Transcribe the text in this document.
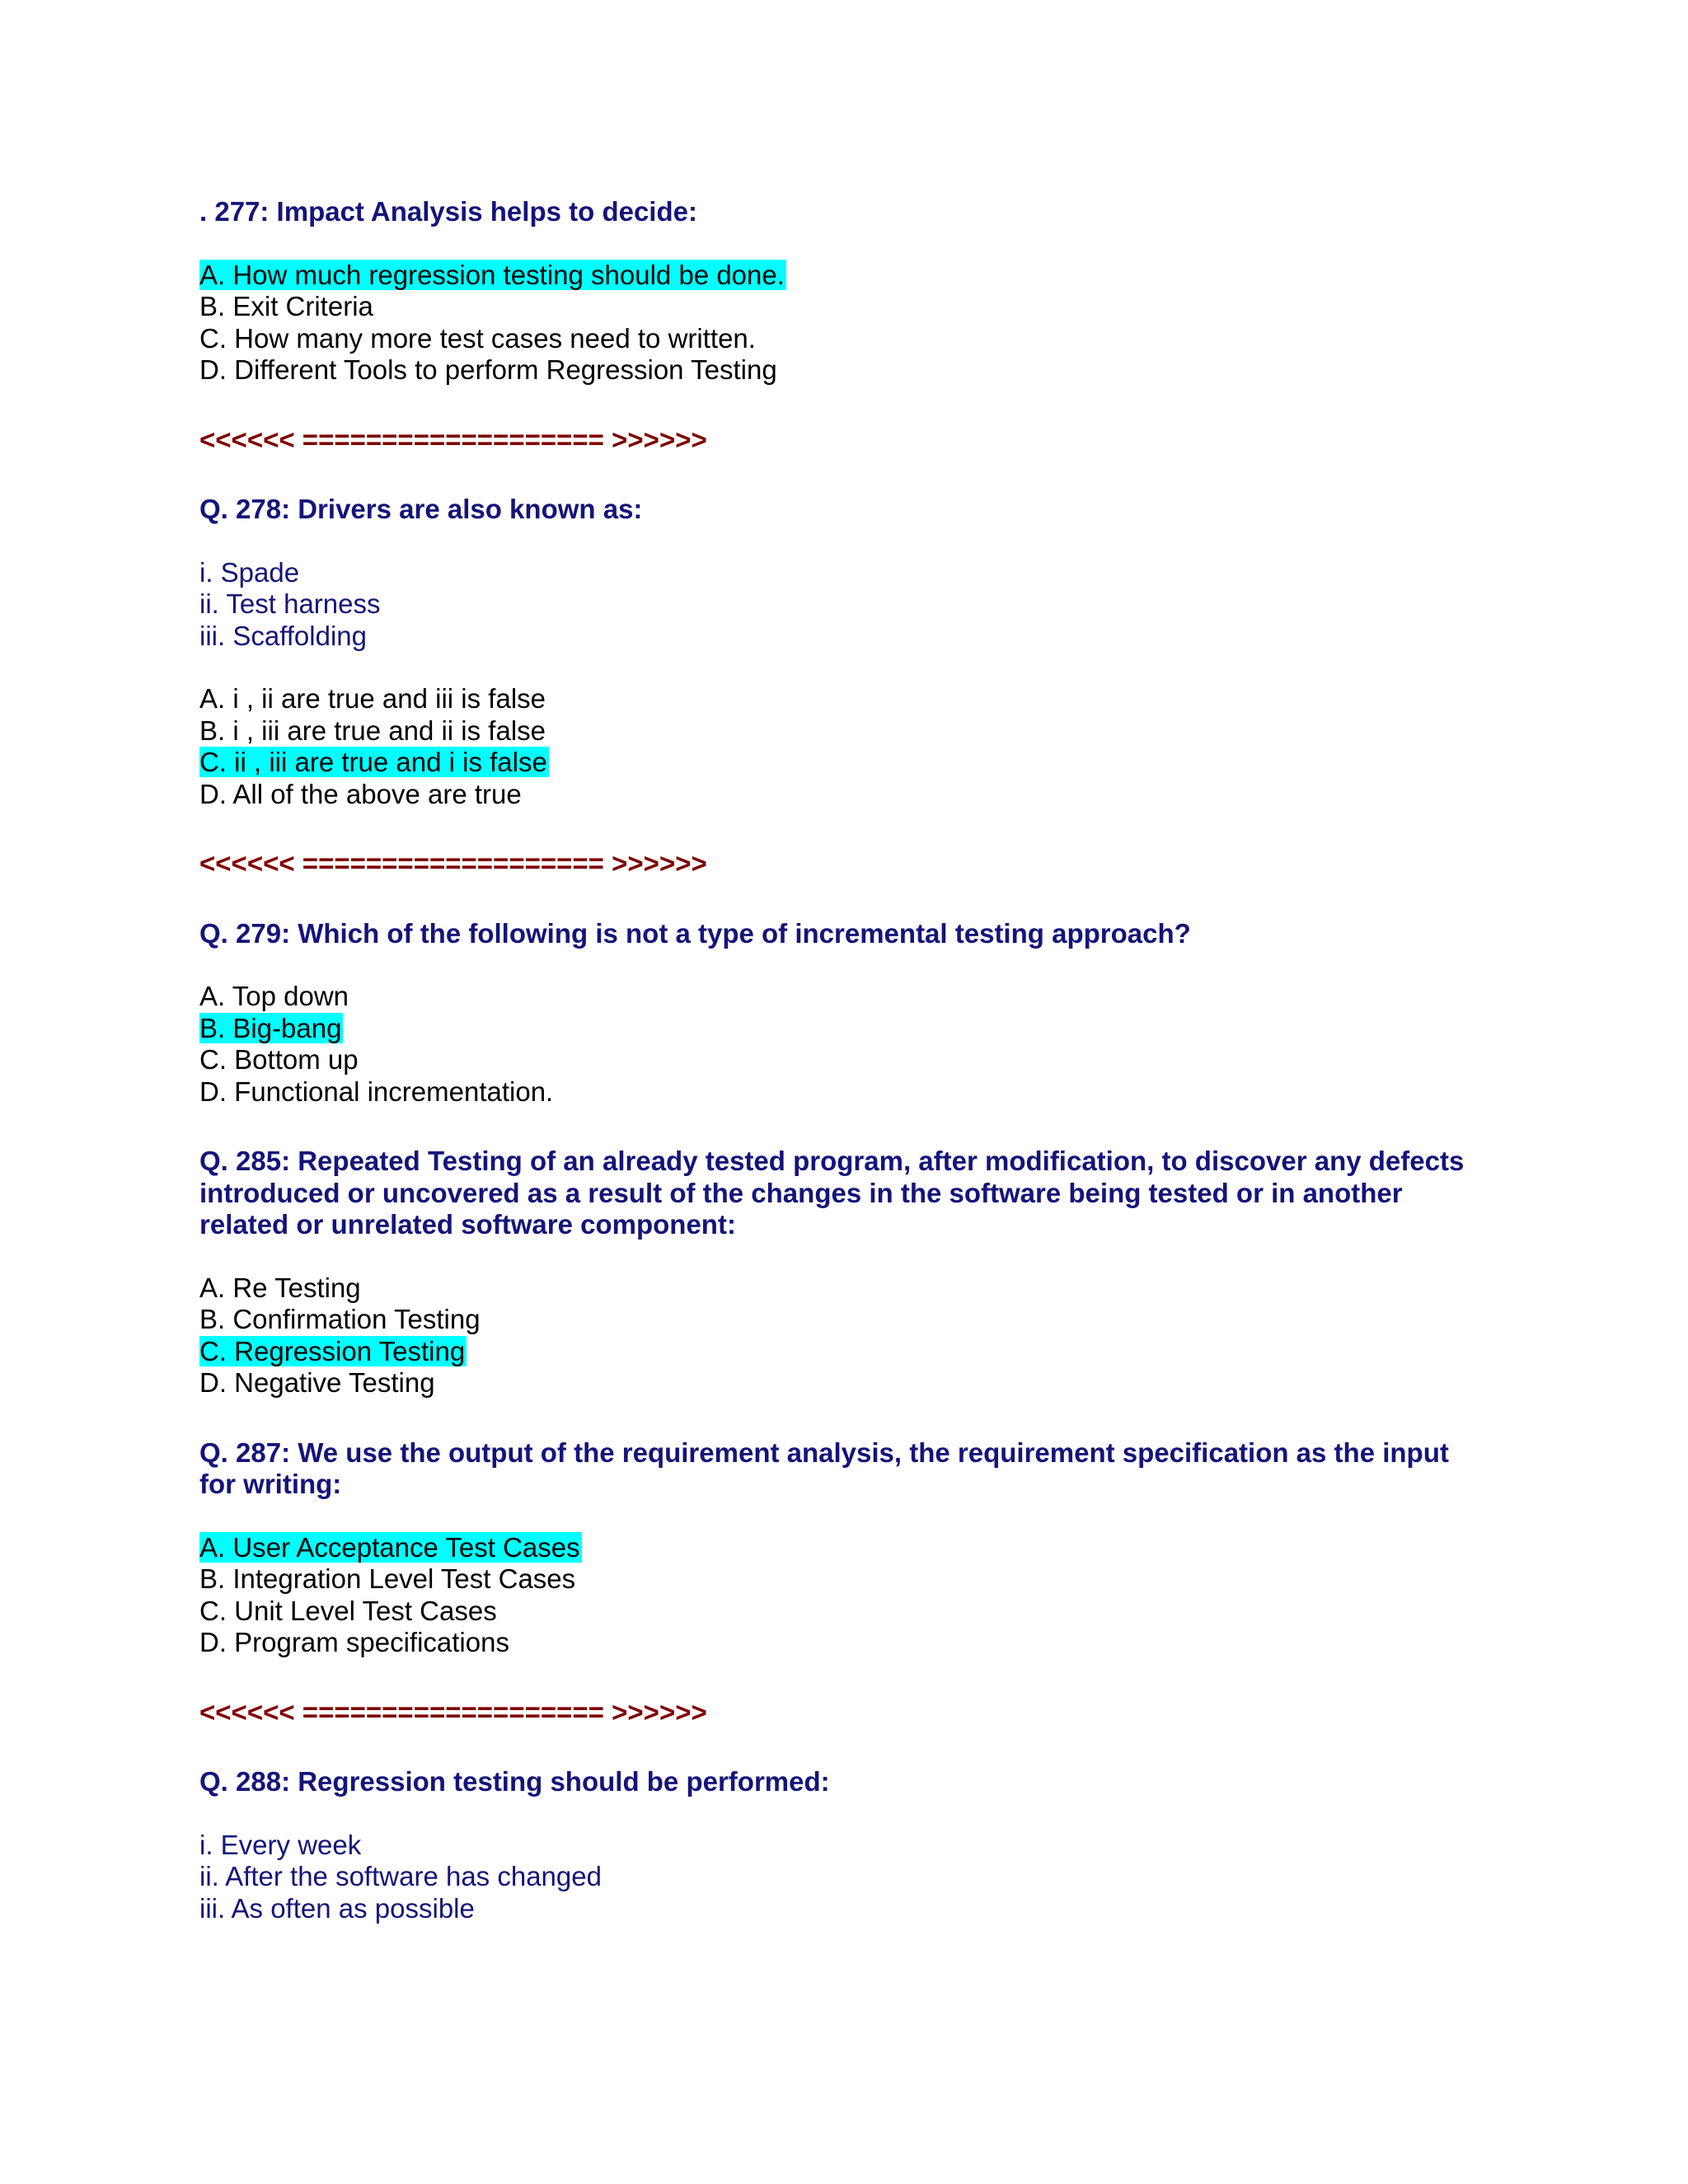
. 277: Impact Analysis helps to decide:

A. How much regression testing should be done.
B. Exit Criteria
C. How many more test cases need to written.
D. Different Tools to perform Regression Testing
<<<<<< =================== >>>>>>

Q. 278: Drivers are also known as:

i. Spade
ii. Test harness
iii. Scaffolding
A. i , ii are true and iii is false
B. i , iii are true and ii is false
C. ii , iii are true and i is false
D. All of the above are true
<<<<<< =================== >>>>>>

Q. 279: Which of the following is not a type of incremental testing approach?

A. Top down
B. Big-bang
C. Bottom up
D. Functional incrementation.

Q. 285: Repeated Testing of an already tested program, after modification, to discover any defects
introduced or uncovered as a result of the changes in the software being tested or in another
related or unrelated software component:

A. Re Testing
B. Confirmation Testing
C. Regression Testing
D. Negative Testing

Q. 287: We use the output of the requirement analysis, the requirement specification as the input
for writing:

A. User Acceptance Test Cases
B. Integration Level Test Cases
C. Unit Level Test Cases
D. Program specifications
<<<<<< =================== >>>>>>

Q. 288: Regression testing should be performed:

i. Every week
ii. After the software has changed
iii. As often as possible
